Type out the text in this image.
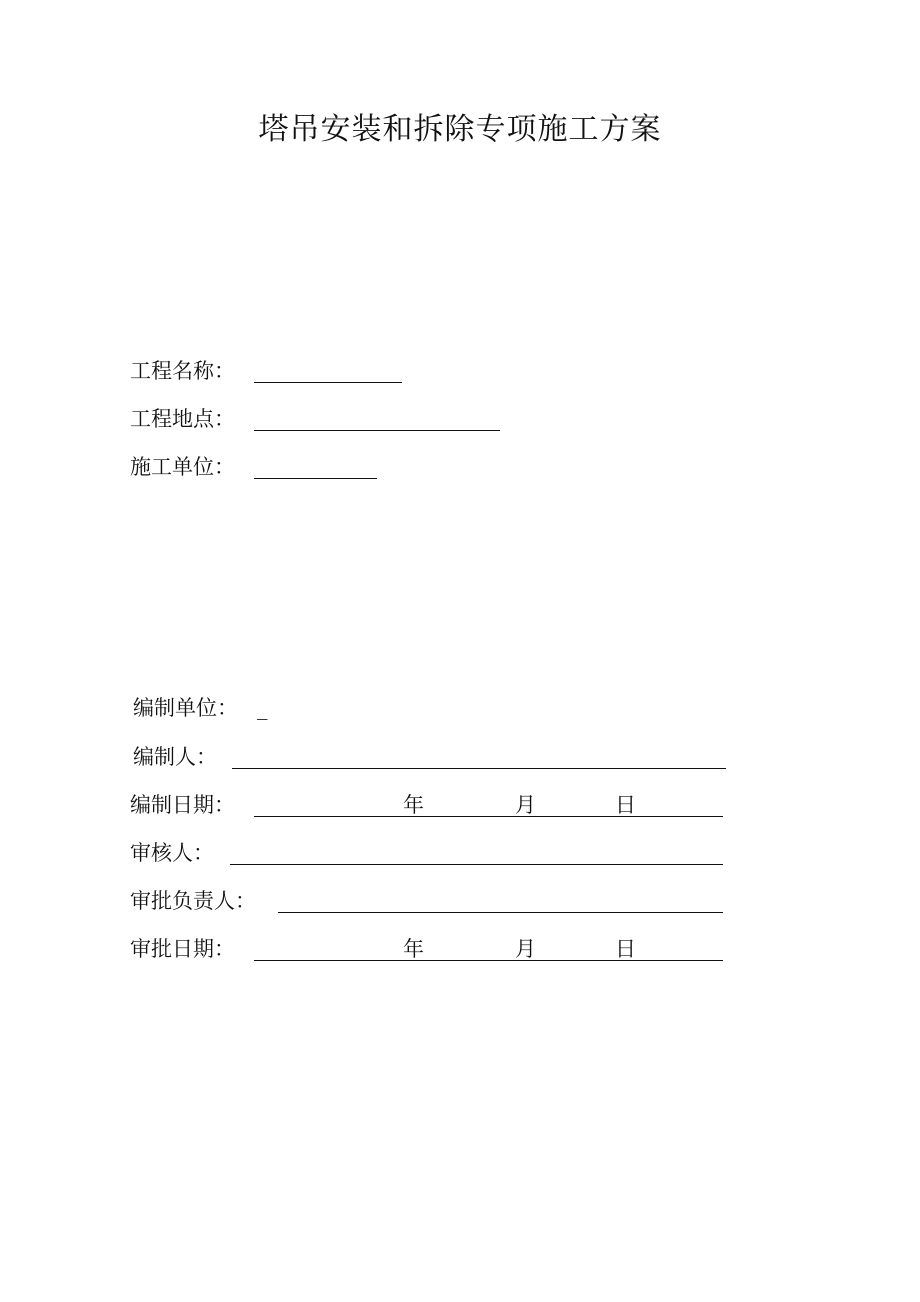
塔吊安装和拆除专项施工方案
工程名称：
工程地点：
施工单位：
编制单位： _
编制人：
编制日期：	年	月	日
审核人：
审批负责人：
审批日期：	年	月	日
